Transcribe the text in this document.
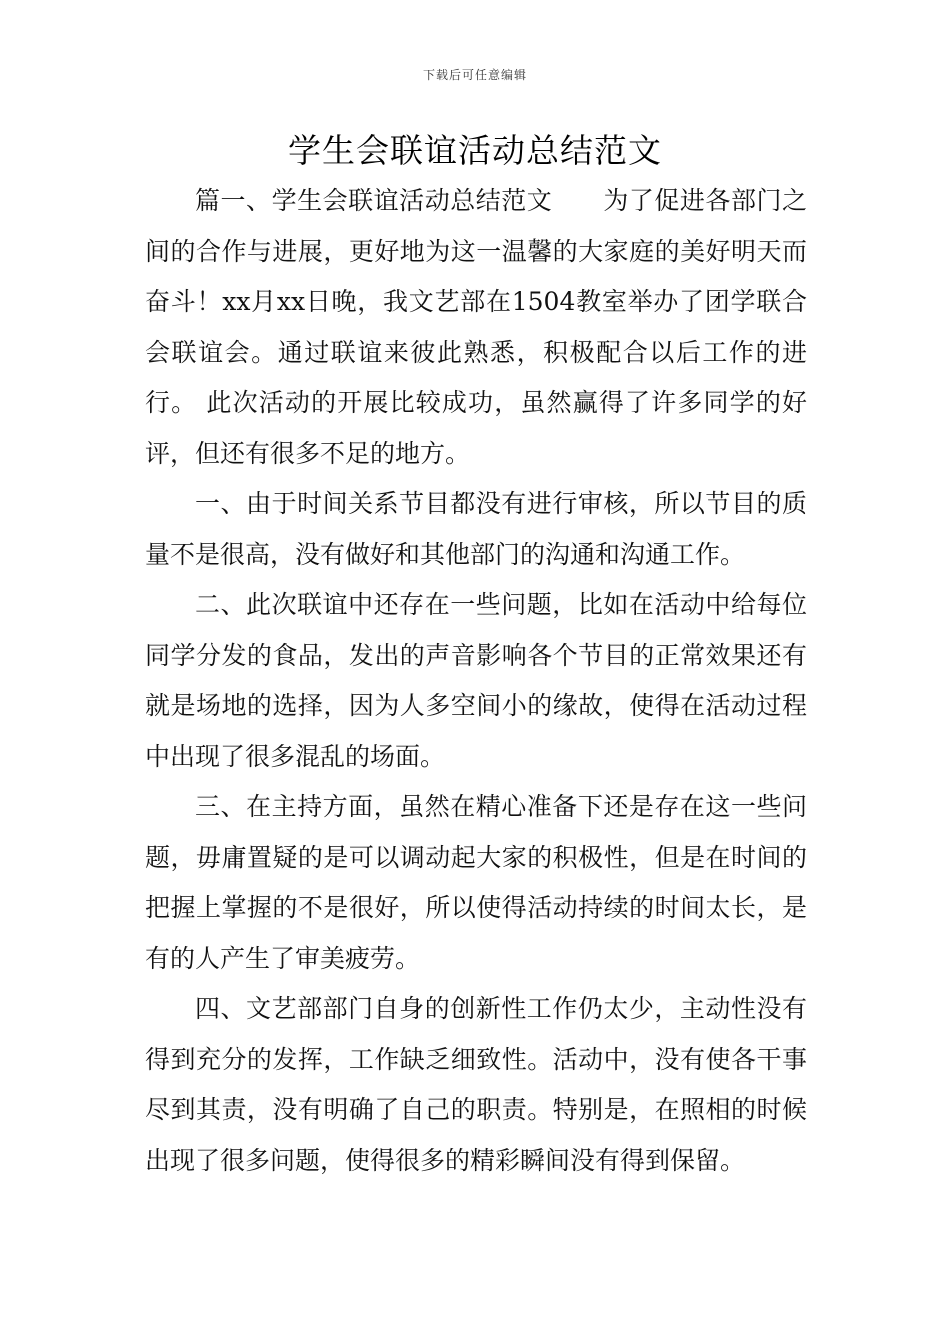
下载后可任意编辑
学生会联谊活动总结范文

篇一、学生会联谊活动总结范文　　为了促进各部门之间的合作与进展，更好地为这一温馨的大家庭的美好明天而奋斗！xx月xx日晚，我文艺部在1504教室举办了团学联合会联谊会。通过联谊来彼此熟悉，积极配合以后工作的进行。 此次活动的开展比较成功，虽然赢得了许多同学的好评，但还有很多不足的地方。

一、由于时间关系节目都没有进行审核，所以节目的质量不是很高，没有做好和其他部门的沟通和沟通工作。

二、此次联谊中还存在一些问题，比如在活动中给每位同学分发的食品，发出的声音影响各个节目的正常效果还有就是场地的选择，因为人多空间小的缘故，使得在活动过程中出现了很多混乱的场面。

三、在主持方面，虽然在精心准备下还是存在这一些问题，毋庸置疑的是可以调动起大家的积极性，但是在时间的把握上掌握的不是很好，所以使得活动持续的时间太长，是有的人产生了审美疲劳。

四、文艺部部门自身的创新性工作仍太少，主动性没有得到充分的发挥，工作缺乏细致性。活动中，没有使各干事尽到其责，没有明确了自己的职责。特别是，在照相的时候出现了很多问题，使得很多的精彩瞬间没有得到保留。
